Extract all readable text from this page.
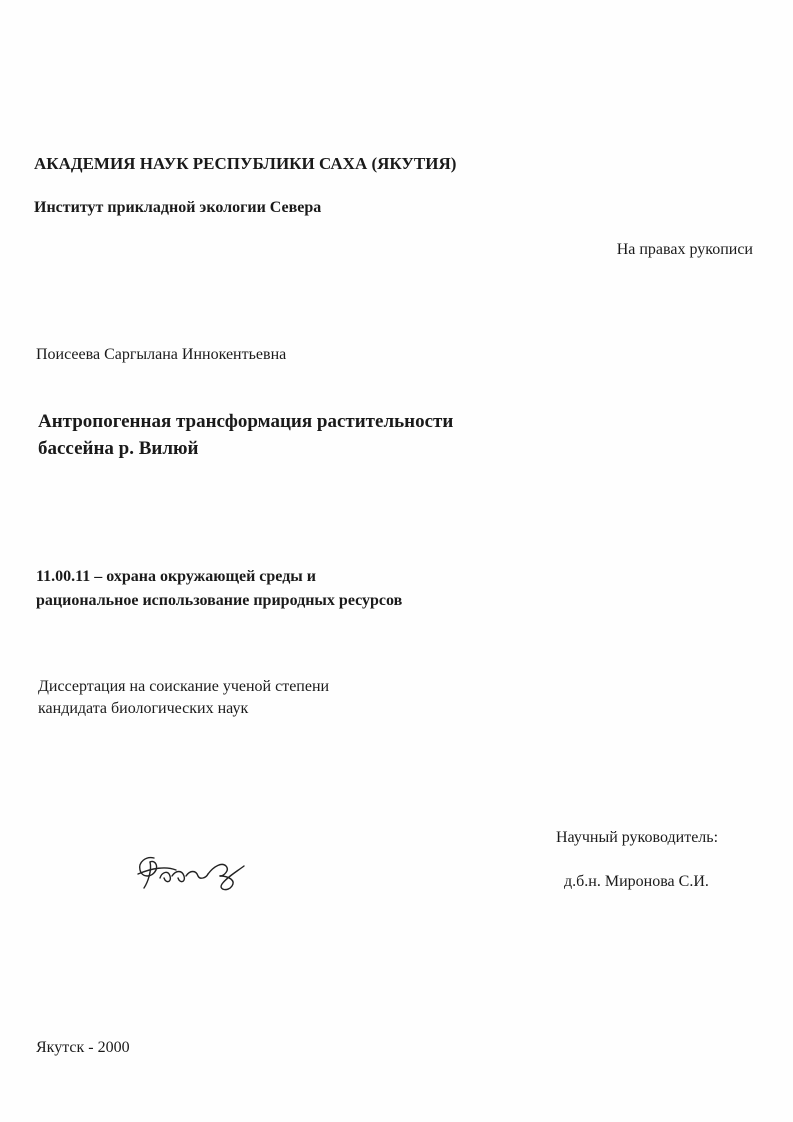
АКАДЕМИЯ НАУК РЕСПУБЛИКИ САХА (ЯКУТИЯ)
Институт прикладной экологии Севера
На правах рукописи
Поисеева Саргылана Иннокентьевна
Антропогенная трансформация растительности
бассейна р. Вилюй
11.00.11 – охрана окружающей среды и
рациональное использование природных ресурсов
Диссертация на соискание ученой степени
кандидата биологических наук
Научный руководитель:
д.б.н. Миронова С.И.
Якутск - 2000
